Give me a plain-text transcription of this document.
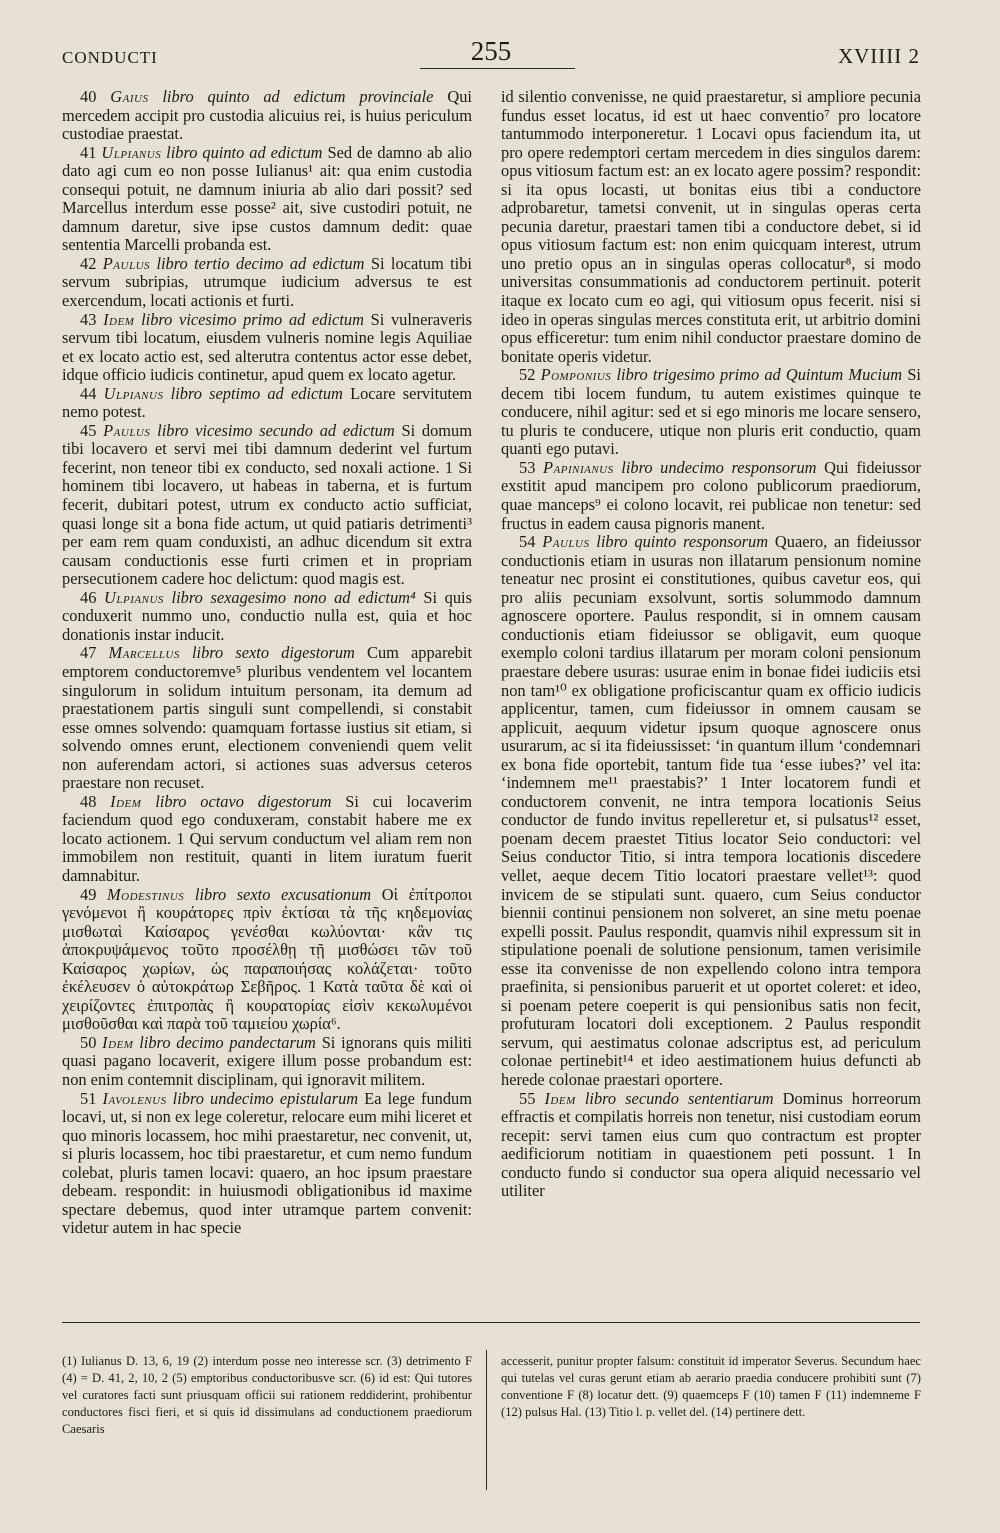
CONDUCTI	255	XVIIII 2

40 Gaius libro quinto ad edictum provinciale Qui mercedem accipit pro custodia alicuius rei, is huius periculum custodiae praestat.

41 Ulpianus libro quinto ad edictum Sed de damno ab alio dato agi cum eo non posse Iulianus¹ ait: qua enim custodia consequi potuit, ne damnum iniuria ab alio dari possit? sed Marcellus interdum esse posse² ait, sive custodiri potuit, ne damnum daretur, sive ipse custos damnum dedit: quae sententia Marcelli probanda est.

42 Paulus libro tertio decimo ad edictum Si locatum tibi servum subripias, utrumque iudicium adversus te est exercendum, locati actionis et furti.

43 Idem libro vicesimo primo ad edictum Si vulneraveris servum tibi locatum, eiusdem vulneris nomine legis Aquiliae et ex locato actio est, sed alterutra contentus actor esse debet, idque officio iudicis continetur, apud quem ex locato agetur.

44 Ulpianus libro septimo ad edictum Locare servitutem nemo potest.

45 Paulus libro vicesimo secundo ad edictum Si domum tibi locavero et servi mei tibi damnum dederint vel furtum fecerint, non teneor tibi ex conducto, sed noxali actione. 1 Si hominem tibi locavero, ut habeas in taberna, et is furtum fecerit, dubitari potest, utrum ex conducto actio sufficiat, quasi longe sit a bona fide actum, ut quid patiaris detrimenti³ per eam rem quam conduxisti, an adhuc dicendum sit extra causam conductionis esse furti crimen et in propriam persecutionem cadere hoc delictum: quod magis est.

46 Ulpianus libro sexagesimo nono ad edictum⁴ Si quis conduxerit nummo uno, conductio nulla est, quia et hoc donationis instar inducit.

47 Marcellus libro sexto digestorum Cum apparebit emptorem conductoremve⁵ pluribus vendentem vel locantem singulorum in solidum intuitum personam, ita demum ad praestationem partis singuli sunt compellendi, si constabit esse omnes solvendo: quamquam fortasse iustius sit etiam, si solvendo omnes erunt, electionem conveniendi quem velit non auferendam actori, si actiones suas adversus ceteros praestare non recuset.

48 Idem libro octavo digestorum Si cui locaverim faciendum quod ego conduxeram, constabit habere me ex locato actionem. 1 Qui servum conductum vel aliam rem non immobilem non restituit, quanti in litem iuratum fuerit damnabitur.

49 Modestinus libro sexto excusationum Οἱ ἐπίτροποι γενόμενοι ἢ κουράτορες πρὶν ἐκτίσαι τὰ τῆς κηδεμονίας μισθωταὶ Καίσαρος γενέσθαι κωλύονται· κἂν τις ἀποκρυψάμενος τοῦτο προσέλθῃ τῇ μισθώσει τῶν τοῦ Καίσαρος χωρίων, ὡς παραποιήσας κολάζεται· τοῦτο ἐκέλευσεν ὁ αὐτοκράτωρ Σεβῆρος. 1 Κατὰ ταῦτα δὲ καὶ οἱ χειρίζοντες ἐπιτροπὰς ἢ κουρατορίας εἰσὶν κεκωλυμένοι μισθοῦσθαι καὶ παρὰ τοῦ ταμιείου χωρία⁶.

50 Idem libro decimo pandectarum Si ignorans quis militi quasi pagano locaverit, exigere illum posse probandum est: non enim contemnit disciplinam, qui ignoravit militem.

51 Iavolenus libro undecimo epistularum Ea lege fundum locavi, ut, si non ex lege coleretur, relocare eum mihi liceret et quo minoris locassem, hoc mihi praestaretur, nec convenit, ut, si pluris locassem, hoc tibi praestaretur, et cum nemo fundum colebat, pluris tamen locavi: quaero, an hoc ipsum praestare debeam. respondit: in huiusmodi obligationibus id maxime spectare debemus, quod inter utramque partem convenit: videtur autem in hac specie

id silentio convenisse, ne quid praestaretur, si ampliore pecunia fundus esset locatus, id est ut haec conventio⁷ pro locatore tantummodo interponeretur. 1 Locavi opus faciendum ita, ut pro opere redemptori certam mercedem in dies singulos darem: opus vitiosum factum est: an ex locato agere possim? respondit: si ita opus locasti, ut bonitas eius tibi a conductore adprobaretur, tametsi convenit, ut in singulas operas certa pecunia daretur, praestari tamen tibi a conductore debet, si id opus vitiosum factum est: non enim quicquam interest, utrum uno pretio opus an in singulas operas collocatur⁸, si modo universitas consummationis ad conductorem pertinuit. poterit itaque ex locato cum eo agi, qui vitiosum opus fecerit. nisi si ideo in operas singulas merces constituta erit, ut arbitrio domini opus efficeretur: tum enim nihil conductor praestare domino de bonitate operis videtur.

52 Pomponius libro trigesimo primo ad Quintum Mucium Si decem tibi locem fundum, tu autem existimes quinque te conducere, nihil agitur: sed et si ego minoris me locare sensero, tu pluris te conducere, utique non pluris erit conductio, quam quanti ego putavi.

53 Papinianus libro undecimo responsorum Qui fideiussor exstitit apud mancipem pro colono publicorum praediorum, quae manceps⁹ ei colono locavit, rei publicae non tenetur: sed fructus in eadem causa pignoris manent.

54 Paulus libro quinto responsorum Quaero, an fideiussor conductionis etiam in usuras non illatarum pensionum nomine teneatur nec prosint ei constitutiones, quibus cavetur eos, qui pro aliis pecuniam exsolvunt, sortis solummodo damnum agnoscere oportere. Paulus respondit, si in omnem causam conductionis etiam fideiussor se obligavit, eum quoque exemplo coloni tardius illatarum per moram coloni pensionum praestare debere usuras: usurae enim in bonae fidei iudiciis etsi non tam¹⁰ ex obligatione proficiscantur quam ex officio iudicis applicentur, tamen, cum fideiussor in omnem causam se applicuit, aequum videtur ipsum quoque agnoscere onus usurarum, ac si ita fideiussisset: ‘in quantum illum ‘condemnari ex bona fide oportebit, tantum fide tua ‘esse iubes?’ vel ita: ‘indemnem me¹¹ praestabis?’ 1 Inter locatorem fundi et conductorem convenit, ne intra tempora locationis Seius conductor de fundo invitus repelleretur et, si pulsatus¹² esset, poenam decem praestet Titius locator Seio conductori: vel Seius conductor Titio, si intra tempora locationis discedere vellet, aeque decem Titio locatori praestare vellet¹³: quod invicem de se stipulati sunt. quaero, cum Seius conductor biennii continui pensionem non solveret, an sine metu poenae expelli possit. Paulus respondit, quamvis nihil expressum sit in stipulatione poenali de solutione pensionum, tamen verisimile esse ita convenisse de non expellendo colono intra tempora praefinita, si pensionibus paruerit et ut oportet coleret: et ideo, si poenam petere coeperit is qui pensionibus satis non fecit, profuturam locatori doli exceptionem. 2 Paulus respondit servum, qui aestimatus colonae adscriptus est, ad periculum colonae pertinebit¹⁴ et ideo aestimationem huius defuncti ab herede colonae praestari oportere.

55 Idem libro secundo sententiarum Dominus horreorum effractis et compilatis horreis non tenetur, nisi custodiam eorum recepit: servi tamen eius cum quo contractum est propter aedificiorum notitiam in quaestionem peti possunt. 1 In conducto fundo si conductor sua opera aliquid necessario vel utiliter

(1) Iulianus D. 13, 6, 19 (2) interdum posse neo interesse scr. (3) detrimento F (4) = D. 41, 2, 10, 2 (5) emptoribus conductoribusve scr. (6) id est: Qui tutores vel curatores facti sunt priusquam officii sui rationem reddiderint, prohibentur conductores fisci fieri, et si quis id dissimulans ad conductionem praediorum Caesaris
accesserit, punitur propter falsum: constituit id imperator Severus. Secundum haec qui tutelas vel curas gerunt etiam ab aerario praedia conducere prohibiti sunt (7) conventione F (8) locatur dett. (9) quaemceps F (10) tamen F (11) indemneme F (12) pulsus Hal. (13) Titio l. p. vellet del. (14) pertinere dett.
